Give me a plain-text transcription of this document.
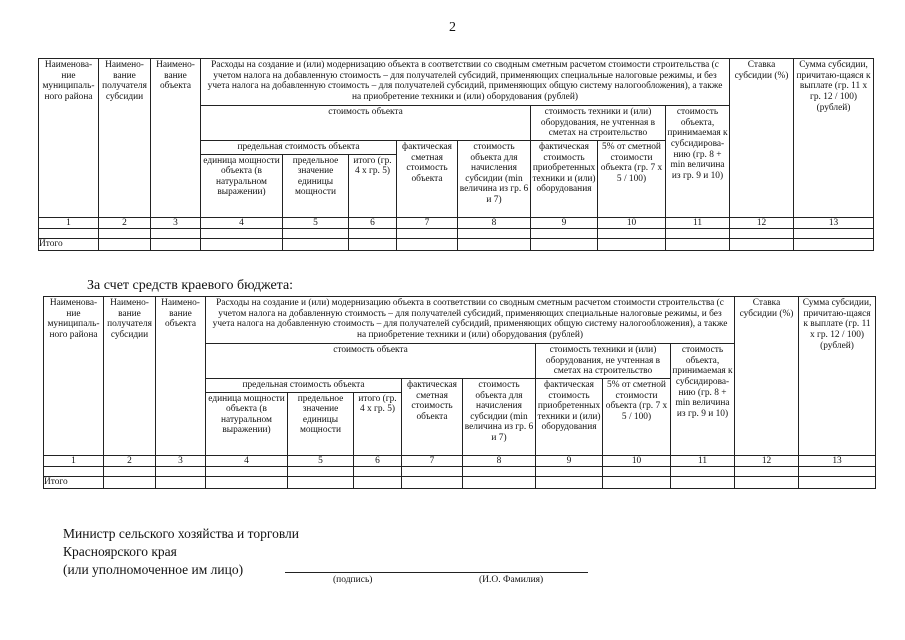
2
Наименова-ние муниципаль-ного района	Наимено-вание получателя субсидии	Наимено-вание объекта	Расходы на создание и (или) модернизацию объекта в соответствии со сводным сметным расчетом стоимости строительства (с учетом налога на добавленную стоимость – для получателей субсидий, применяющих специальные налоговые режимы, и без учета налога на добавленную стоимость – для получателей субсидий, применяющих общую систему налогообложения), а также на приобретение техники и (или) оборудования (рублей)								Ставка субсидии (%)	Сумма субсидии, причитаю-щаяся к выплате (гр. 11 х гр. 12 / 100) (рублей)
			стоимость объекта					стоимость техники и (или) оборудования, не учтенная в сметах на строительство		стоимость объекта, принимаемая к субсидирова-нию (гр. 8 + min величина из гр. 9 и 10)		
			предельная стоимость объекта			фактическая сметная стоимость объекта	стоимость объекта для начисления субсидии (min величина из гр. 6 и 7)	фактическая стоимость приобретенных техники и (или) оборудования	5% от сметной стоимости объекта (гр. 7 х 5 / 100)			
			единица мощности объекта (в натуральном выражении)	предельное значение единицы мощности	итого (гр. 4 х гр. 5)							
1	2	3	4	5	6	7	8	9	10	11	12	13

Итого												
За счет средств краевого бюджета:
Наименова-ние муниципаль-ного района	Наимено-вание получателя субсидии	Наимено-вание объекта	Расходы на создание и (или) модернизацию объекта в соответствии со сводным сметным расчетом стоимости строительства (с учетом налога на добавленную стоимость – для получателей субсидий, применяющих специальные налоговые режимы, и без учета налога на добавленную стоимость – для получателей субсидий, применяющих общую систему налогообложения), а также на приобретение техники и (или) оборудования (рублей)								Ставка субсидии (%)	Сумма субсидии, причитаю-щаяся к выплате (гр. 11 х гр. 12 / 100) (рублей)
			стоимость объекта					стоимость техники и (или) оборудования, не учтенная в сметах на строительство		стоимость объекта, принимаемая к субсидирова-нию (гр. 8 + min величина из гр. 9 и 10)		
			предельная стоимость объекта			фактическая сметная стоимость объекта	стоимость объекта для начисления субсидии (min величина из гр. 6 и 7)	фактическая стоимость приобретенных техники и (или) оборудования	5% от сметной стоимости объекта (гр. 7 х 5 / 100)			
			единица мощности объекта (в натуральном выражении)	предельное значение единицы мощности	итого (гр. 4 х гр. 5)							
1	2	3	4	5	6	7	8	9	10	11	12	13

Итого												
Министр сельского хозяйства и торговли
Красноярского края
(или уполномоченное им лицо)
(подпись)	(И.О. Фамилия)
